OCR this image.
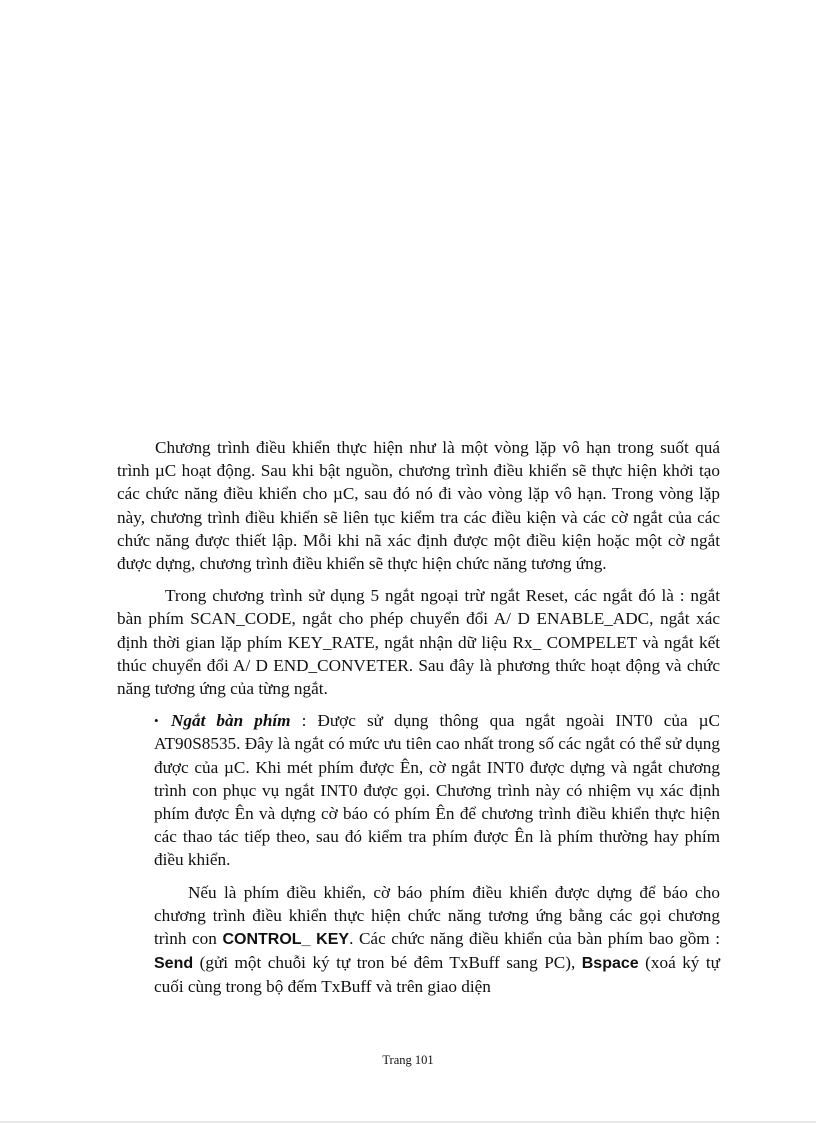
Chương trình điều khiển thực hiện như là một vòng lặp vô hạn trong suốt quá trình µC hoạt động. Sau khi bật nguồn, chương trình điều khiển sẽ thực hiện khởi tạo các chức năng điều khiển cho µC, sau đó nó đi vào vòng lặp vô hạn. Trong vòng lặp này, chương trình điều khiển sẽ liên tục kiểm tra các điều kiện và các cờ ngắt của các chức năng được thiết lập. Mỗi khi nã xác định được một điều kiện hoặc một cờ ngắt được dựng, chương trình điều khiển sẽ thực hiện chức năng tương ứng.

Trong chương trình sử dụng 5 ngắt ngoại trừ ngắt Reset, các ngắt đó là : ngắt bàn phím SCAN_CODE, ngắt cho phép chuyển đổi A/ D ENABLE_ADC, ngắt xác định thời gian lặp phím KEY_RATE, ngắt nhận dữ liệu Rx_ COMPELET và ngắt kết thúc chuyển đổi A/ D END_CONVETER. Sau đây là phương thức hoạt động và chức năng tương ứng của từng ngắt.

• Ngắt bàn phím : Được sử dụng thông qua ngắt ngoài INT0 của µC AT90S8535. Đây là ngắt có mức ưu tiên cao nhất trong số các ngắt có thể sử dụng được của µC. Khi mét phím được Ên, cờ ngắt INT0 được dựng và ngắt chương trình con phục vụ ngắt INT0 được gọi. Chương trình này có nhiệm vụ xác định phím được Ên và dựng cờ báo có phím Ên để chương trình điều khiển thực hiện các thao tác tiếp theo, sau đó kiểm tra phím được Ên là phím thường hay phím điều khiển.

Nếu là phím điều khiển, cờ báo phím điều khiển được dựng để báo cho chương trình điều khiển thực hiện chức năng tương ứng bằng các gọi chương trình con CONTROL_ KEY. Các chức năng điều khiển của bàn phím bao gồm : Send (gửi một chuỗi ký tự tron bé đêm TxBuff sang PC), Bspace (xoá ký tự cuối cùng trong bộ đếm TxBuff và trên giao diện

Trang 101
